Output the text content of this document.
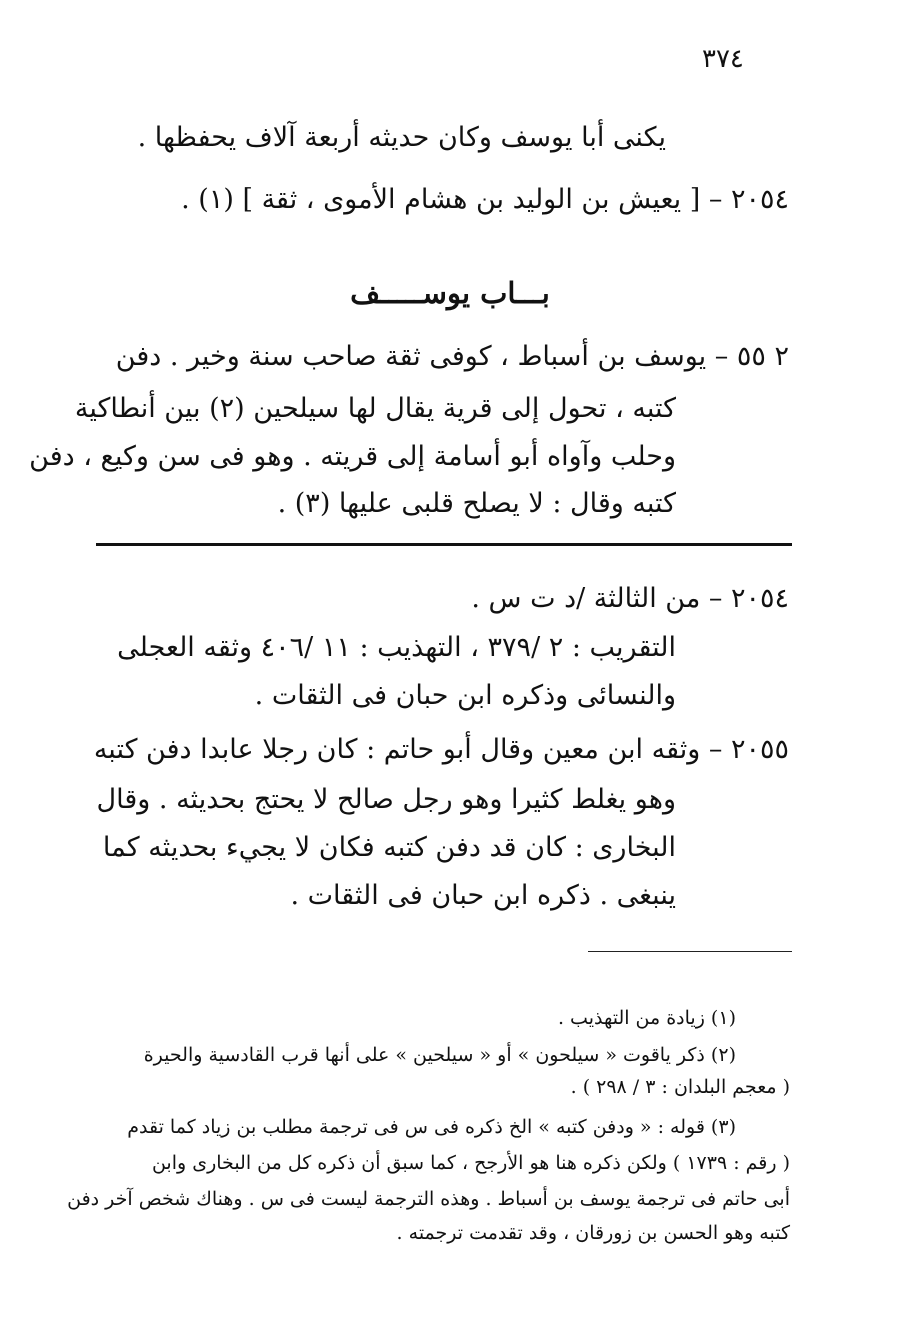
٣٧٤
يكنى أبا يوسف وكان حديثه أربعة آلاف يحفظها .
٢٠٥٤ – [ يعيش بن الوليد بن هشام الأموى ، ثقة ] (١) .
بـــاب يوســـــف
٢ ٥٥ – يوسف بن أسباط ، كوفى ثقة صاحب سنة وخير . دفن
كتبه ، تحول إلى قرية يقال لها سيلحين (٢) بين أنطاكية
وحلب وآواه أبو أسامة إلى قريته . وهو فى سن وكيع ، دفن
كتبه وقال : لا يصلح قلبى عليها (٣) .
٢٠٥٤ – من الثالثة /د ت س .
التقريب : ٢ /٣٧٩ ، التهذيب : ١١ /٤٠٦ وثقه العجلى
والنسائى وذكره ابن حبان فى الثقات .
٢٠٥٥ – وثقه ابن معين وقال أبو حاتم : كان رجلا عابدا دفن كتبه
وهو يغلط كثيرا وهو رجل صالح لا يحتج بحديثه . وقال
البخارى : كان قد دفن كتبه فكان لا يجيء بحديثه كما
ينبغى . ذكره ابن حبان فى الثقات .
(١) زيادة من التهذيب .
(٢) ذكر ياقوت « سيلحون » أو « سيلحين » على أنها قرب القادسية والحيرة
( معجم البلدان : ٣ / ٢٩٨ ) .
(٣) قوله : « ودفن كتبه » الخ ذكره فى س فى ترجمة مطلب بن زياد كما تقدم
( رقم : ١٧٣٩ ) ولكن ذكره هنا هو الأرجح ، كما سبق أن ذكره كل من البخارى وابن
أبى حاتم فى ترجمة يوسف بن أسباط . وهذه الترجمة ليست فى س . وهناك شخص آخر دفن
كتبه وهو الحسن بن زورقان ، وقد تقدمت ترجمته .
